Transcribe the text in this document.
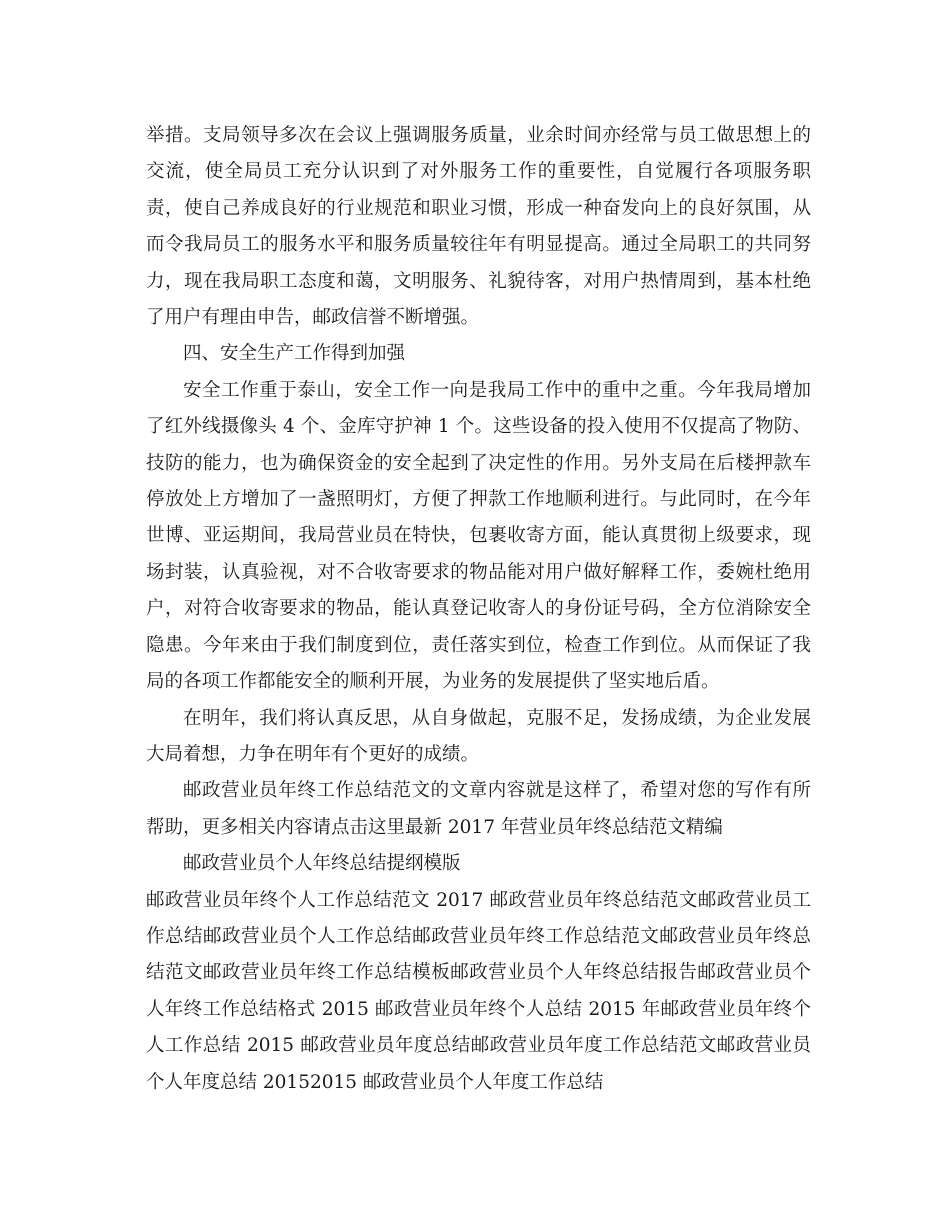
举措。支局领导多次在会议上强调服务质量，业余时间亦经常与员工做思想上的交流，使全局员工充分认识到了对外服务工作的重要性，自觉履行各项服务职责，使自己养成良好的行业规范和职业习惯，形成一种奋发向上的良好氛围，从而令我局员工的服务水平和服务质量较往年有明显提高。通过全局职工的共同努力，现在我局职工态度和蔼，文明服务、礼貌待客，对用户热情周到，基本杜绝了用户有理由申告，邮政信誉不断增强。

四、安全生产工作得到加强

安全工作重于泰山，安全工作一向是我局工作中的重中之重。今年我局增加了红外线摄像头 4 个、金库守护神 1 个。这些设备的投入使用不仅提高了物防、技防的能力，也为确保资金的安全起到了决定性的作用。另外支局在后楼押款车停放处上方增加了一盏照明灯，方便了押款工作地顺利进行。与此同时，在今年世博、亚运期间，我局营业员在特快，包裹收寄方面，能认真贯彻上级要求，现场封装，认真验视，对不合收寄要求的物品能对用户做好解释工作，委婉杜绝用户，对符合收寄要求的物品，能认真登记收寄人的身份证号码，全方位消除安全隐患。今年来由于我们制度到位，责任落实到位，检查工作到位。从而保证了我局的各项工作都能安全的顺利开展，为业务的发展提供了坚实地后盾。

在明年，我们将认真反思，从自身做起，克服不足，发扬成绩，为企业发展大局着想，力争在明年有个更好的成绩。

邮政营业员年终工作总结范文的文章内容就是这样了，希望对您的写作有所帮助，更多相关内容请点击这里最新 2017 年营业员年终总结范文精编

邮政营业员个人年终总结提纲模版

邮政营业员年终个人工作总结范文 2017 邮政营业员年终总结范文邮政营业员工作总结邮政营业员个人工作总结邮政营业员年终工作总结范文邮政营业员年终总结范文邮政营业员年终工作总结模板邮政营业员个人年终总结报告邮政营业员个人年终工作总结格式 2015 邮政营业员年终个人总结 2015 年邮政营业员年终个人工作总结 2015 邮政营业员年度总结邮政营业员年度工作总结范文邮政营业员个人年度总结 20152015 邮政营业员个人年度工作总结
